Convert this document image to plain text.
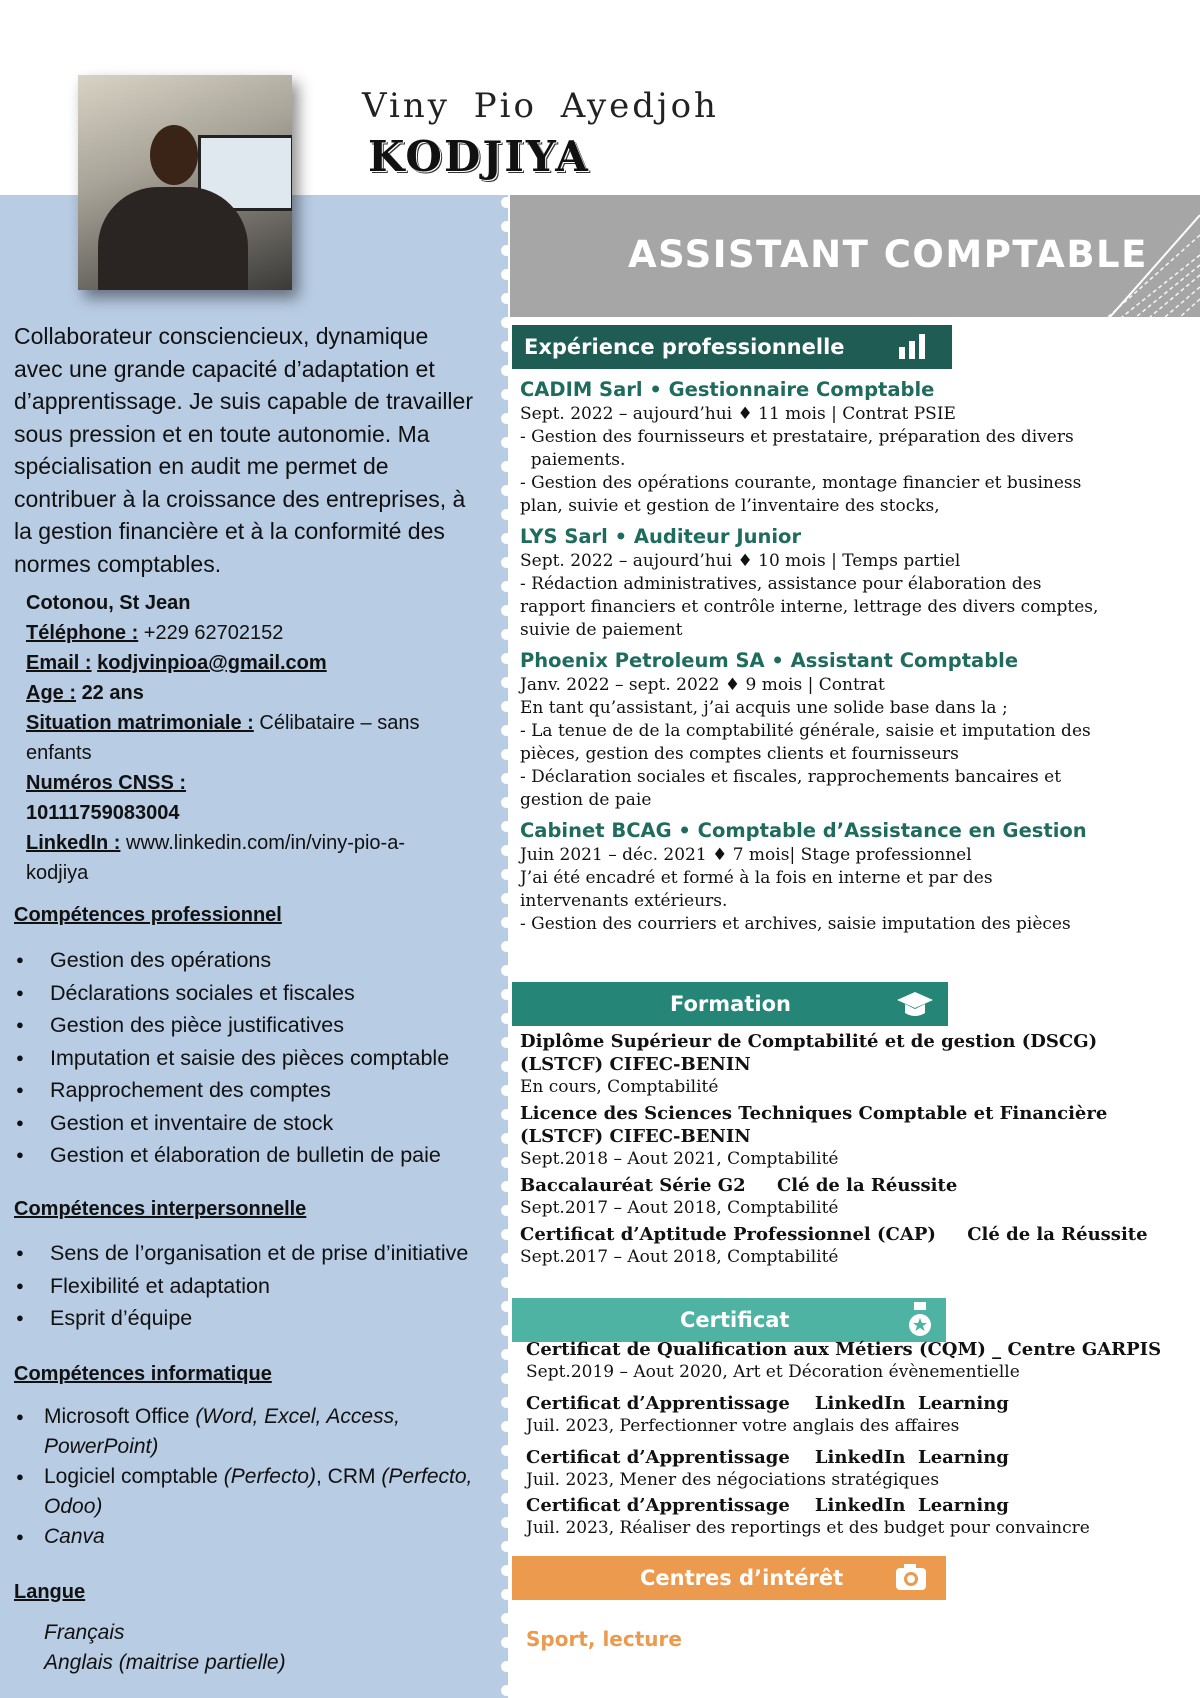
Viny Pio Ayedjoh
KODJIYA
Collaborateur consciencieux, dynamique avec une grande capacité d’adaptation et d’apprentissage. Je suis capable de travailler sous pression et en toute autonomie. Ma spécialisation en audit me permet de contribuer à la croissance des entreprises, à la gestion financière et à la conformité des normes comptables.
Cotonou, St Jean
Téléphone : +229 62702152
Email : kodjvinpioa@gmail.com
Age : 22 ans
Situation matrimoniale : Célibataire – sans enfants
Numéros CNSS :
10111759083004
LinkedIn : www.linkedin.com/in/viny-pio-a-kodjiya
Compétences professionnel
● Gestion des opérations
● Déclarations sociales et fiscales
● Gestion des pièce justificatives
● Imputation et saisie des pièces comptable
● Rapprochement des comptes
● Gestion et inventaire de stock
● Gestion et élaboration de bulletin de paie
Compétences interpersonnelle
● Sens de l’organisation et de prise d’initiative
● Flexibilité et adaptation
● Esprit d’équipe
Compétences informatique
● Microsoft Office (Word, Excel, Access, PowerPoint)
● Logiciel comptable (Perfecto), CRM (Perfecto, Odoo)
● Canva
Langue
Français
Anglais (maitrise partielle)
ASSISTANT COMPTABLE
Expérience professionnelle
CADIM Sarl • Gestionnaire Comptable
Sept. 2022 – aujourd’hui ♦ 11 mois | Contrat PSIE
- Gestion des fournisseurs et prestataire, préparation des divers
paiements.
- Gestion des opérations courante, montage financier et business
plan, suivie et gestion de l’inventaire des stocks,
LYS Sarl • Auditeur Junior
Sept. 2022 – aujourd’hui ♦ 10 mois | Temps partiel
- Rédaction administratives, assistance pour élaboration des
rapport financiers et contrôle interne, lettrage des divers comptes,
suivie de paiement
Phoenix Petroleum SA • Assistant Comptable
Janv. 2022 – sept. 2022 ♦ 9 mois | Contrat
En tant qu’assistant, j’ai acquis une solide base dans la ;
- La tenue de de la comptabilité générale, saisie et imputation des
pièces, gestion des comptes clients et fournisseurs
- Déclaration sociales et fiscales, rapprochements bancaires et
gestion de paie
Cabinet BCAG • Comptable d’Assistance en Gestion
Juin 2021 – déc. 2021 ♦ 7 mois| Stage professionnel
J’ai été encadré et formé à la fois en interne et par des
intervenants extérieurs.
- Gestion des courriers et archives, saisie imputation des pièces
Formation
Diplôme Supérieur de Comptabilité et de gestion (DSCG)
(LSTCF) CIFEC-BENIN
En cours, Comptabilité
Licence des Sciences Techniques Comptable et Financière
(LSTCF) CIFEC-BENIN
Sept.2018 – Aout 2021, Comptabilité
Baccalauréat Série G2     Clé de la Réussite
Sept.2017 – Aout 2018, Comptabilité
Certificat d’Aptitude Professionnel (CAP)     Clé de la Réussite
Sept.2017 – Aout 2018, Comptabilité
Certificat
Certificat de Qualification aux Métiers (CQM) _ Centre GARPIS
Sept.2019 – Aout 2020, Art et Décoration évènementielle
Certificat d’Apprentissage    LinkedIn  Learning
Juil. 2023, Perfectionner votre anglais des affaires
Certificat d’Apprentissage    LinkedIn  Learning
Juil. 2023, Mener des négociations stratégiques
Certificat d’Apprentissage    LinkedIn  Learning
Juil. 2023, Réaliser des reportings et des budget pour convaincre
Centres d’intérêt
Sport, lecture
